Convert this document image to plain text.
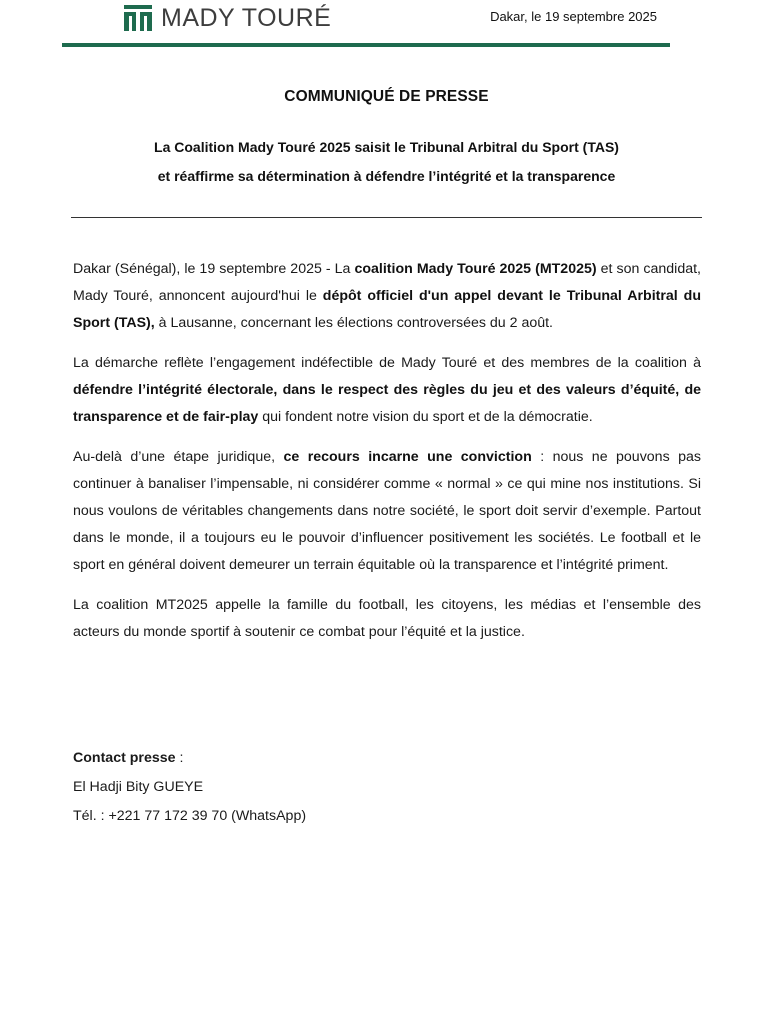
MADY TOURÉ	Dakar, le 19 septembre 2025
COMMUNIQUÉ DE PRESSE
La Coalition Mady Touré 2025 saisit le Tribunal Arbitral du Sport (TAS)
et réaffirme sa détermination à défendre l’intégrité et la transparence

Dakar (Sénégal), le 19 septembre 2025 - La coalition Mady Touré 2025 (MT2025) et son candidat, Mady Touré, annoncent aujourd'hui le dépôt officiel d'un appel devant le Tribunal Arbitral du Sport (TAS), à Lausanne, concernant les élections controversées du 2 août.

La démarche reflète l’engagement indéfectible de Mady Touré et des membres de la coalition à défendre l’intégrité électorale, dans le respect des règles du jeu et des valeurs d’équité, de transparence et de fair-play qui fondent notre vision du sport et de la démocratie.

Au-delà d’une étape juridique, ce recours incarne une conviction : nous ne pouvons pas continuer à banaliser l’impensable, ni considérer comme « normal » ce qui mine nos institutions. Si nous voulons de véritables changements dans notre société, le sport doit servir d’exemple. Partout dans le monde, il a toujours eu le pouvoir d’influencer positivement les sociétés. Le football et le sport en général doivent demeurer un terrain équitable où la transparence et l’intégrité priment.

La coalition MT2025 appelle la famille du football, les citoyens, les médias et l’ensemble des acteurs du monde sportif à soutenir ce combat pour l’équité et la justice.

Contact presse :
El Hadji Bity GUEYE
Tél. : +221 77 172 39 70 (WhatsApp)
